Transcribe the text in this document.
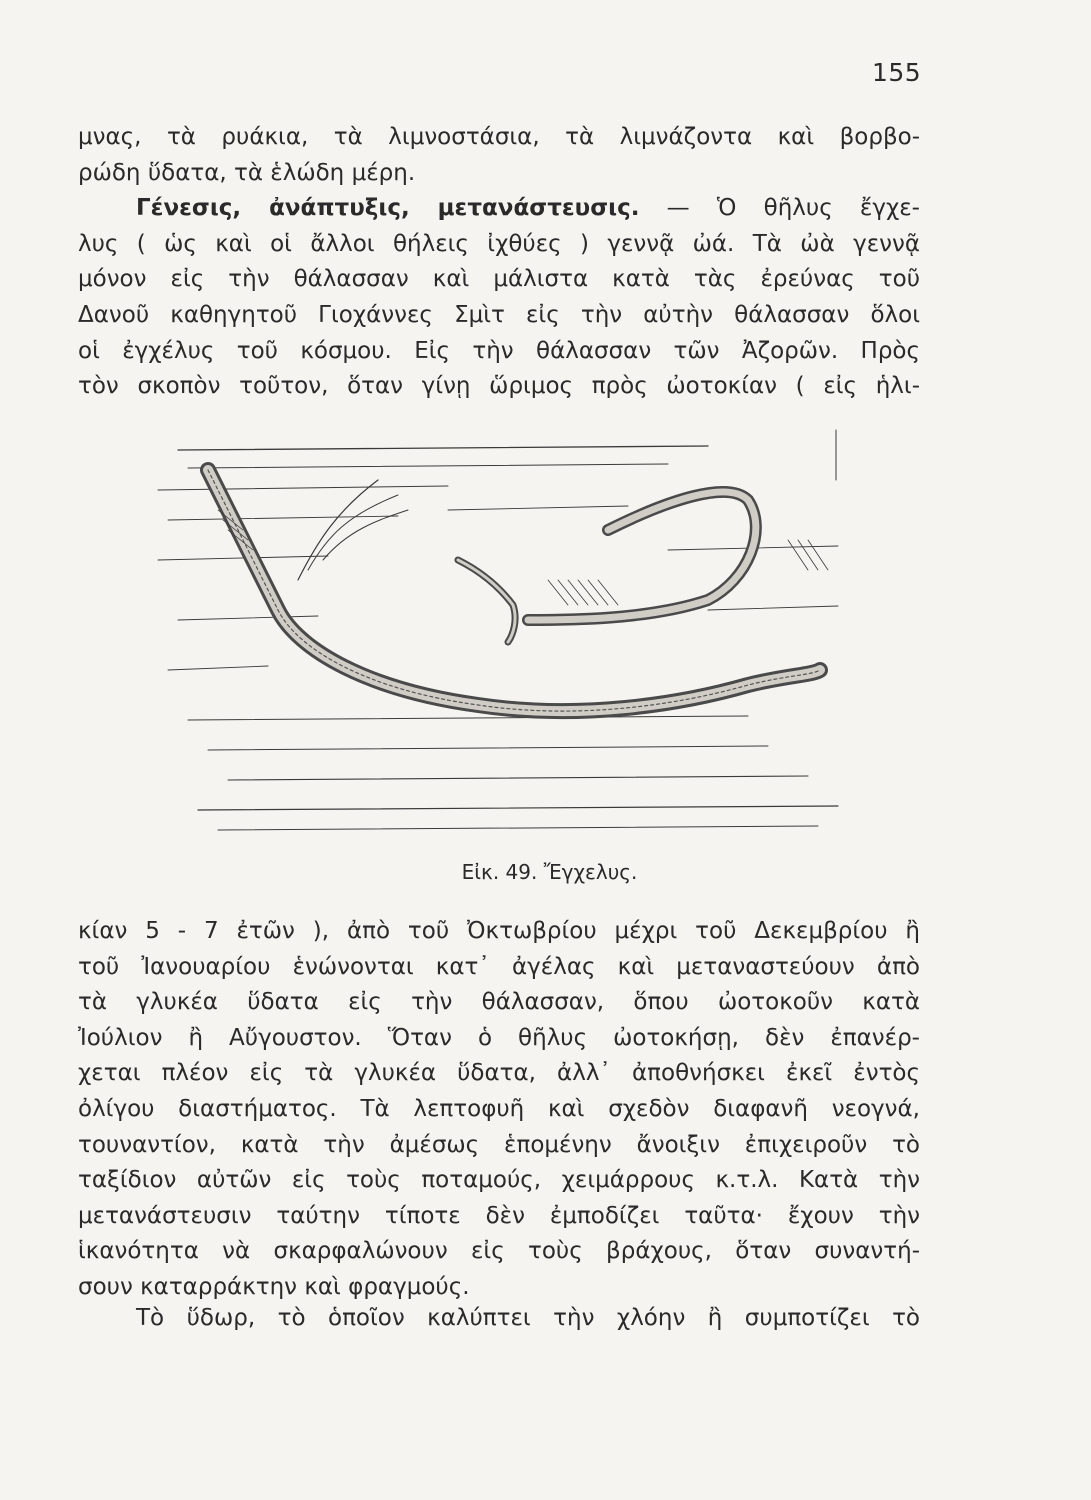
155
μνας, τὰ ρυάκια, τὰ λιμνοστάσια, τὰ λιμνάζοντα καὶ βορβο-
ρώδη ὕδατα, τὰ ἑλώδη μέρη.
Γένεσις, ἀνάπτυξις, μετανάστευσις. — Ὁ θῆλυς ἔγχε-
λυς ( ὡς καὶ οἱ ἄλλοι θήλεις ἰχθύες ) γεννᾷ ὠά. Τὰ ὠὰ γεννᾷ
μόνον εἰς τὴν θάλασσαν καὶ μάλιστα κατὰ τὰς ἐρεύνας τοῦ
Δανοῦ καθηγητοῦ Γιοχάννες Σμὶτ εἰς τὴν αὐτὴν θάλασσαν ὅλοι
οἱ ἐγχέλυς τοῦ κόσμου. Εἰς τὴν θάλασσαν τῶν Ἀζορῶν. Πρὸς
τὸν σκοπὸν τοῦτον, ὅταν γίνῃ ὥριμος πρὸς ὠοτοκίαν ( εἰς ἡλι-
Εἰκ. 49. Ἔγχελυς.
κίαν 5 - 7 ἐτῶν ), ἀπὸ τοῦ Ὀκτωβρίου μέχρι τοῦ Δεκεμβρίου ἢ
τοῦ Ἰανουαρίου ἑνώνονται κατ᾽ ἀγέλας καὶ μεταναστεύουν ἀπὸ
τὰ γλυκέα ὕδατα εἰς τὴν θάλασσαν, ὅπου ὠοτοκοῦν κατὰ
Ἰούλιον ἢ Αὔγουστον. Ὅταν ὁ θῆλυς ὠοτοκήσῃ, δὲν ἐπανέρ-
χεται πλέον εἰς τὰ γλυκέα ὕδατα, ἀλλ᾽ ἀποθνήσκει ἐκεῖ ἐντὸς
ὀλίγου διαστήματος. Τὰ λεπτοφυῆ καὶ σχεδὸν διαφανῆ νεογνά,
τουναντίον, κατὰ τὴν ἀμέσως ἑπομένην ἄνοιξιν ἐπιχειροῦν τὸ
ταξίδιον αὐτῶν εἰς τοὺς ποταμούς, χειμάρρους κ.τ.λ. Κατὰ τὴν
μετανάστευσιν ταύτην τίποτε δὲν ἐμποδίζει ταῦτα· ἔχουν τὴν
ἱκανότητα νὰ σκαρφαλώνουν εἰς τοὺς βράχους, ὅταν συναντή-
σουν καταρράκτην καὶ φραγμούς.
Τὸ ὕδωρ, τὸ ὁποῖον καλύπτει τὴν χλόην ἢ συμποτίζει τὸ
